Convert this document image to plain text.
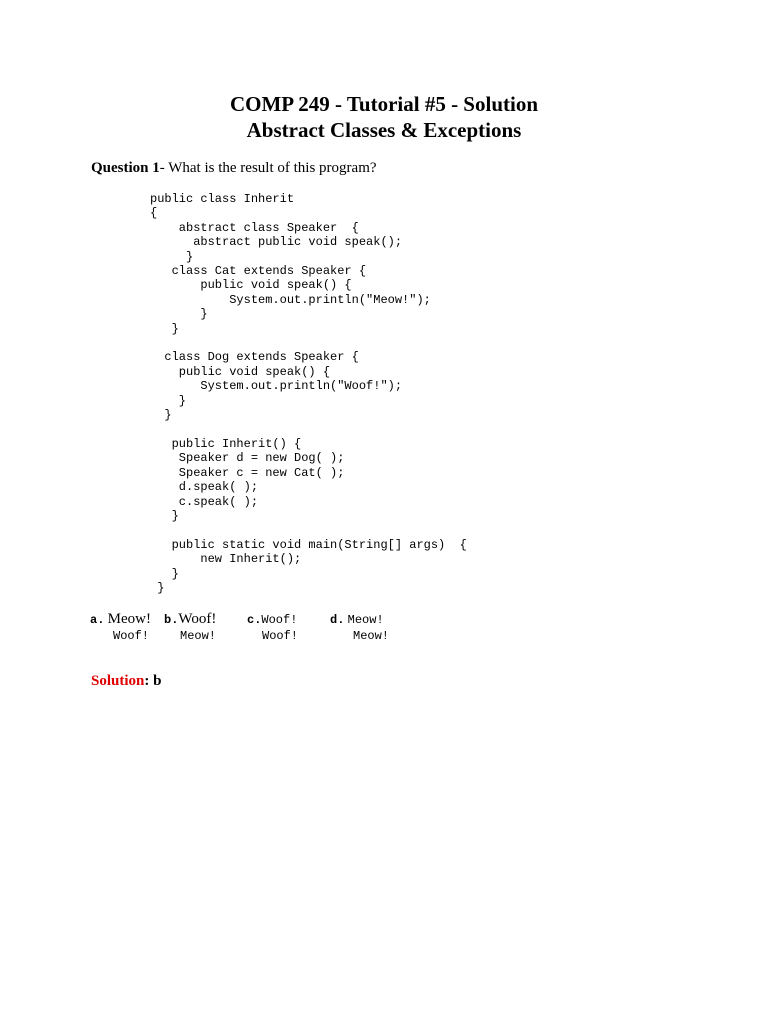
COMP 249 - Tutorial #5 - Solution
Abstract Classes & Exceptions
Question 1- What is the result of this program?
public class Inherit
{
abstract class Speaker  {
abstract public void speak();
}
class Cat extends Speaker {
public void speak() {
System.out.println("Meow!");
}
}

class Dog extends Speaker {
public void speak() {
System.out.println("Woof!");
}
}

public Inherit() {
Speaker d = new Dog( );
Speaker c = new Cat( );
d.speak( );
c.speak( );
}

public static void main(String[] args)  {
new Inherit();
}
}
a. Meow!
Woof!
b.Woof!
Meow!
c.Woof!
Woof!
d. Meow!
Meow!
Solution: b
